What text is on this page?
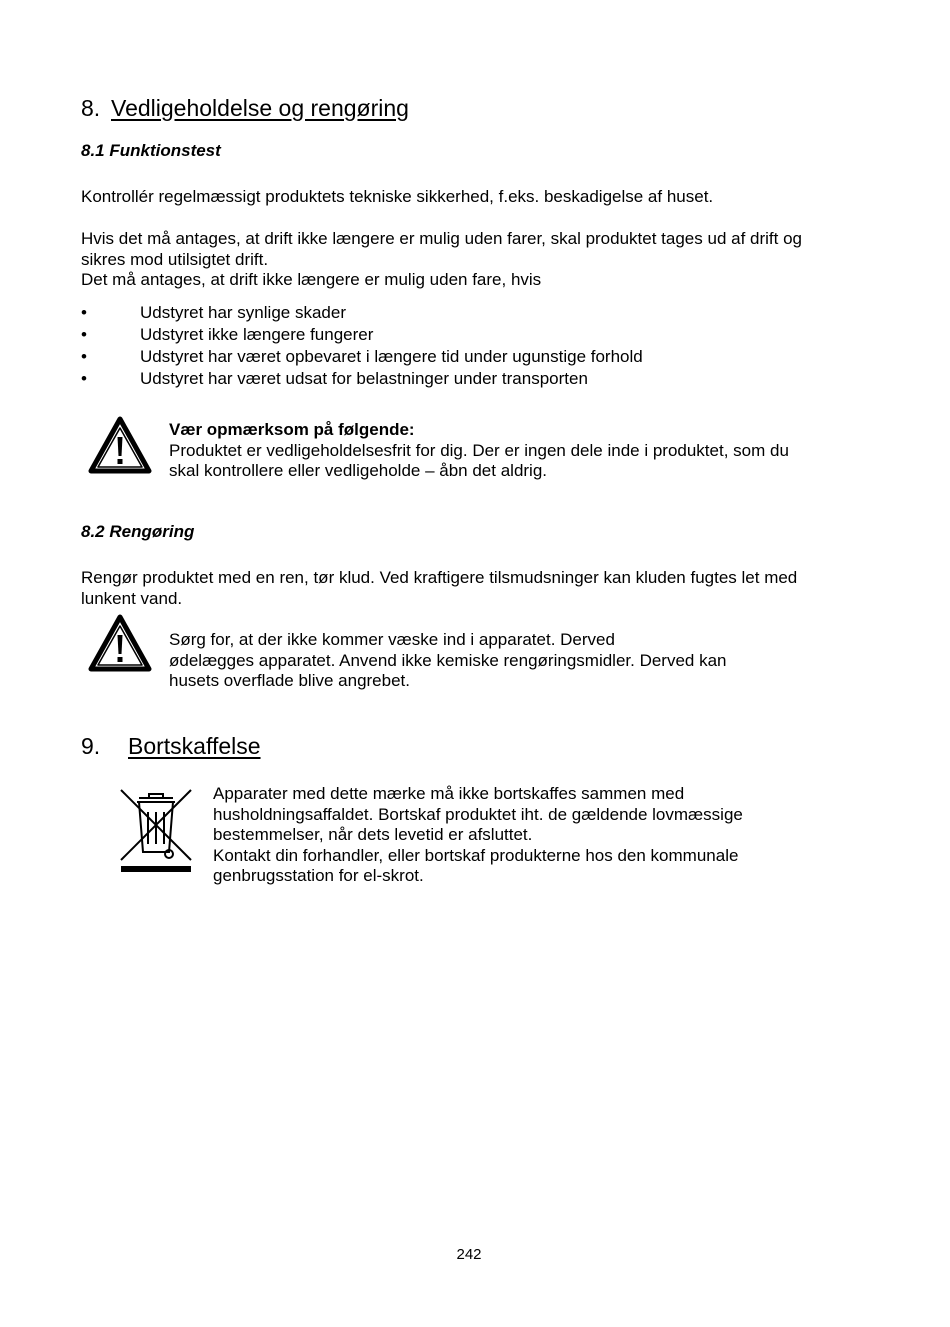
8. Vedligeholdelse og rengøring
8.1 Funktionstest
Kontrollér regelmæssigt produktets tekniske sikkerhed, f.eks. beskadigelse af huset.
Hvis det må antages, at drift ikke længere er mulig uden farer, skal produktet tages ud af drift og
sikres mod utilsigtet drift.
Det må antages, at drift ikke længere er mulig uden fare, hvis
•	Udstyret har synlige skader
•	Udstyret ikke længere fungerer
•	Udstyret har været opbevaret i længere tid under ugunstige forhold
•	Udstyret har været udsat for belastninger under transporten
Vær opmærksom på følgende:
Produktet er vedligeholdelsesfrit for dig. Der er ingen dele inde i produktet, som du
skal kontrollere eller vedligeholde – åbn det aldrig.
8.2 Rengøring
Rengør produktet med en ren, tør klud. Ved kraftigere tilsmudsninger kan kluden fugtes let med
lunkent vand.
Sørg for, at der ikke kommer væske ind i apparatet. Derved
ødelægges apparatet. Anvend ikke kemiske rengøringsmidler. Derved kan
husets overflade blive angrebet.
9. Bortskaffelse
Apparater med dette mærke må ikke bortskaffes sammen med
husholdningsaffaldet. Bortskaf produktet iht. de gældende lovmæssige
bestemmelser, når dets levetid er afsluttet.
Kontakt din forhandler, eller bortskaf produkterne hos den kommunale
genbrugsstation for el-skrot.
242
